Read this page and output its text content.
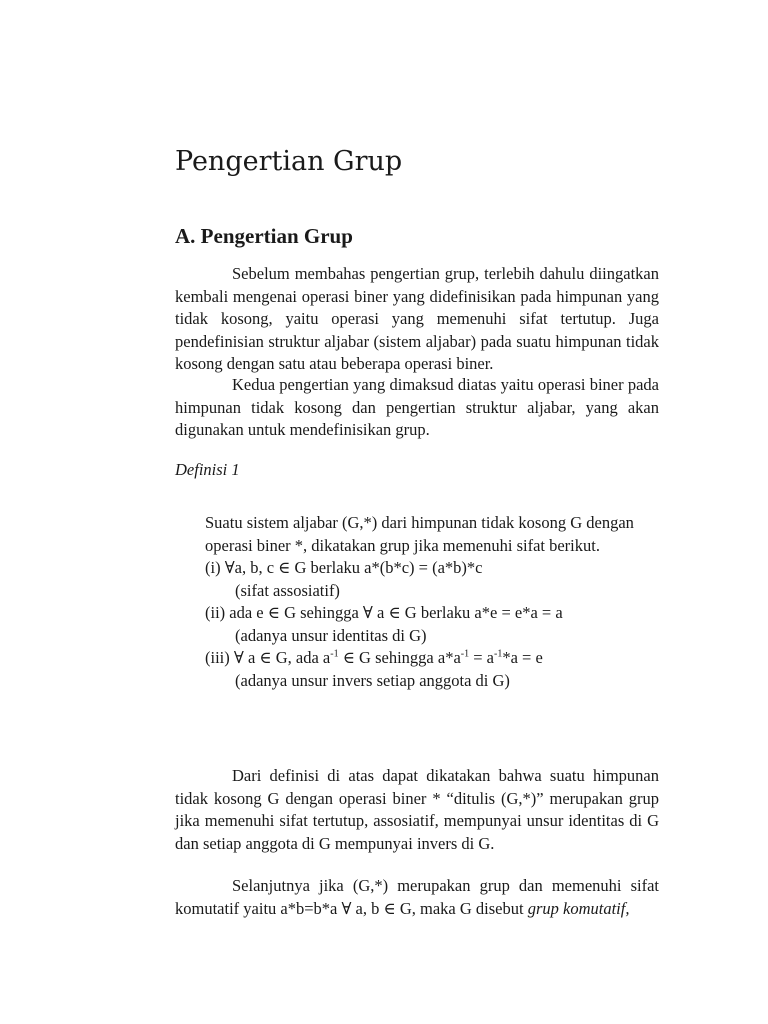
Pengertian Grup
A. Pengertian Grup

Sebelum membahas pengertian grup, terlebih dahulu diingatkan kembali mengenai operasi biner yang didefinisikan pada himpunan yang tidak kosong, yaitu operasi yang memenuhi sifat tertutup. Juga pendefinisian struktur aljabar (sistem aljabar) pada suatu himpunan tidak kosong dengan satu atau beberapa operasi biner.

Kedua pengertian yang dimaksud diatas yaitu operasi biner pada himpunan tidak kosong dan pengertian struktur aljabar, yang akan digunakan untuk mendefinisikan grup.

Definisi 1

Suatu sistem aljabar (G,*) dari himpunan tidak kosong G dengan operasi biner *, dikatakan grup jika memenuhi sifat berikut.

(i) ∀a, b, c ∈ G berlaku a*(b*c) = (a*b)*c

(sifat assosiatif)

(ii) ada e ∈ G sehingga ∀ a ∈ G berlaku a*e = e*a = a

(adanya unsur identitas di G)

(iii) ∀ a ∈ G, ada $a^{-1}$ ∈ G sehingga $a*a^{-1} = a^{-1}*a = e$

(adanya unsur invers setiap anggota di G)

Dari definisi di atas dapat dikatakan bahwa suatu himpunan tidak kosong G dengan operasi biner * “ditulis (G,*)” merupakan grup jika memenuhi sifat tertutup, assosiatif, mempunyai unsur identitas di G dan setiap anggota di G mempunyai invers di G.

Selanjutnya jika (G,*) merupakan grup dan memenuhi sifat komutatif yaitu a*b=b*a ∀ a, b ∈ G, maka G disebut grup komutatif,
